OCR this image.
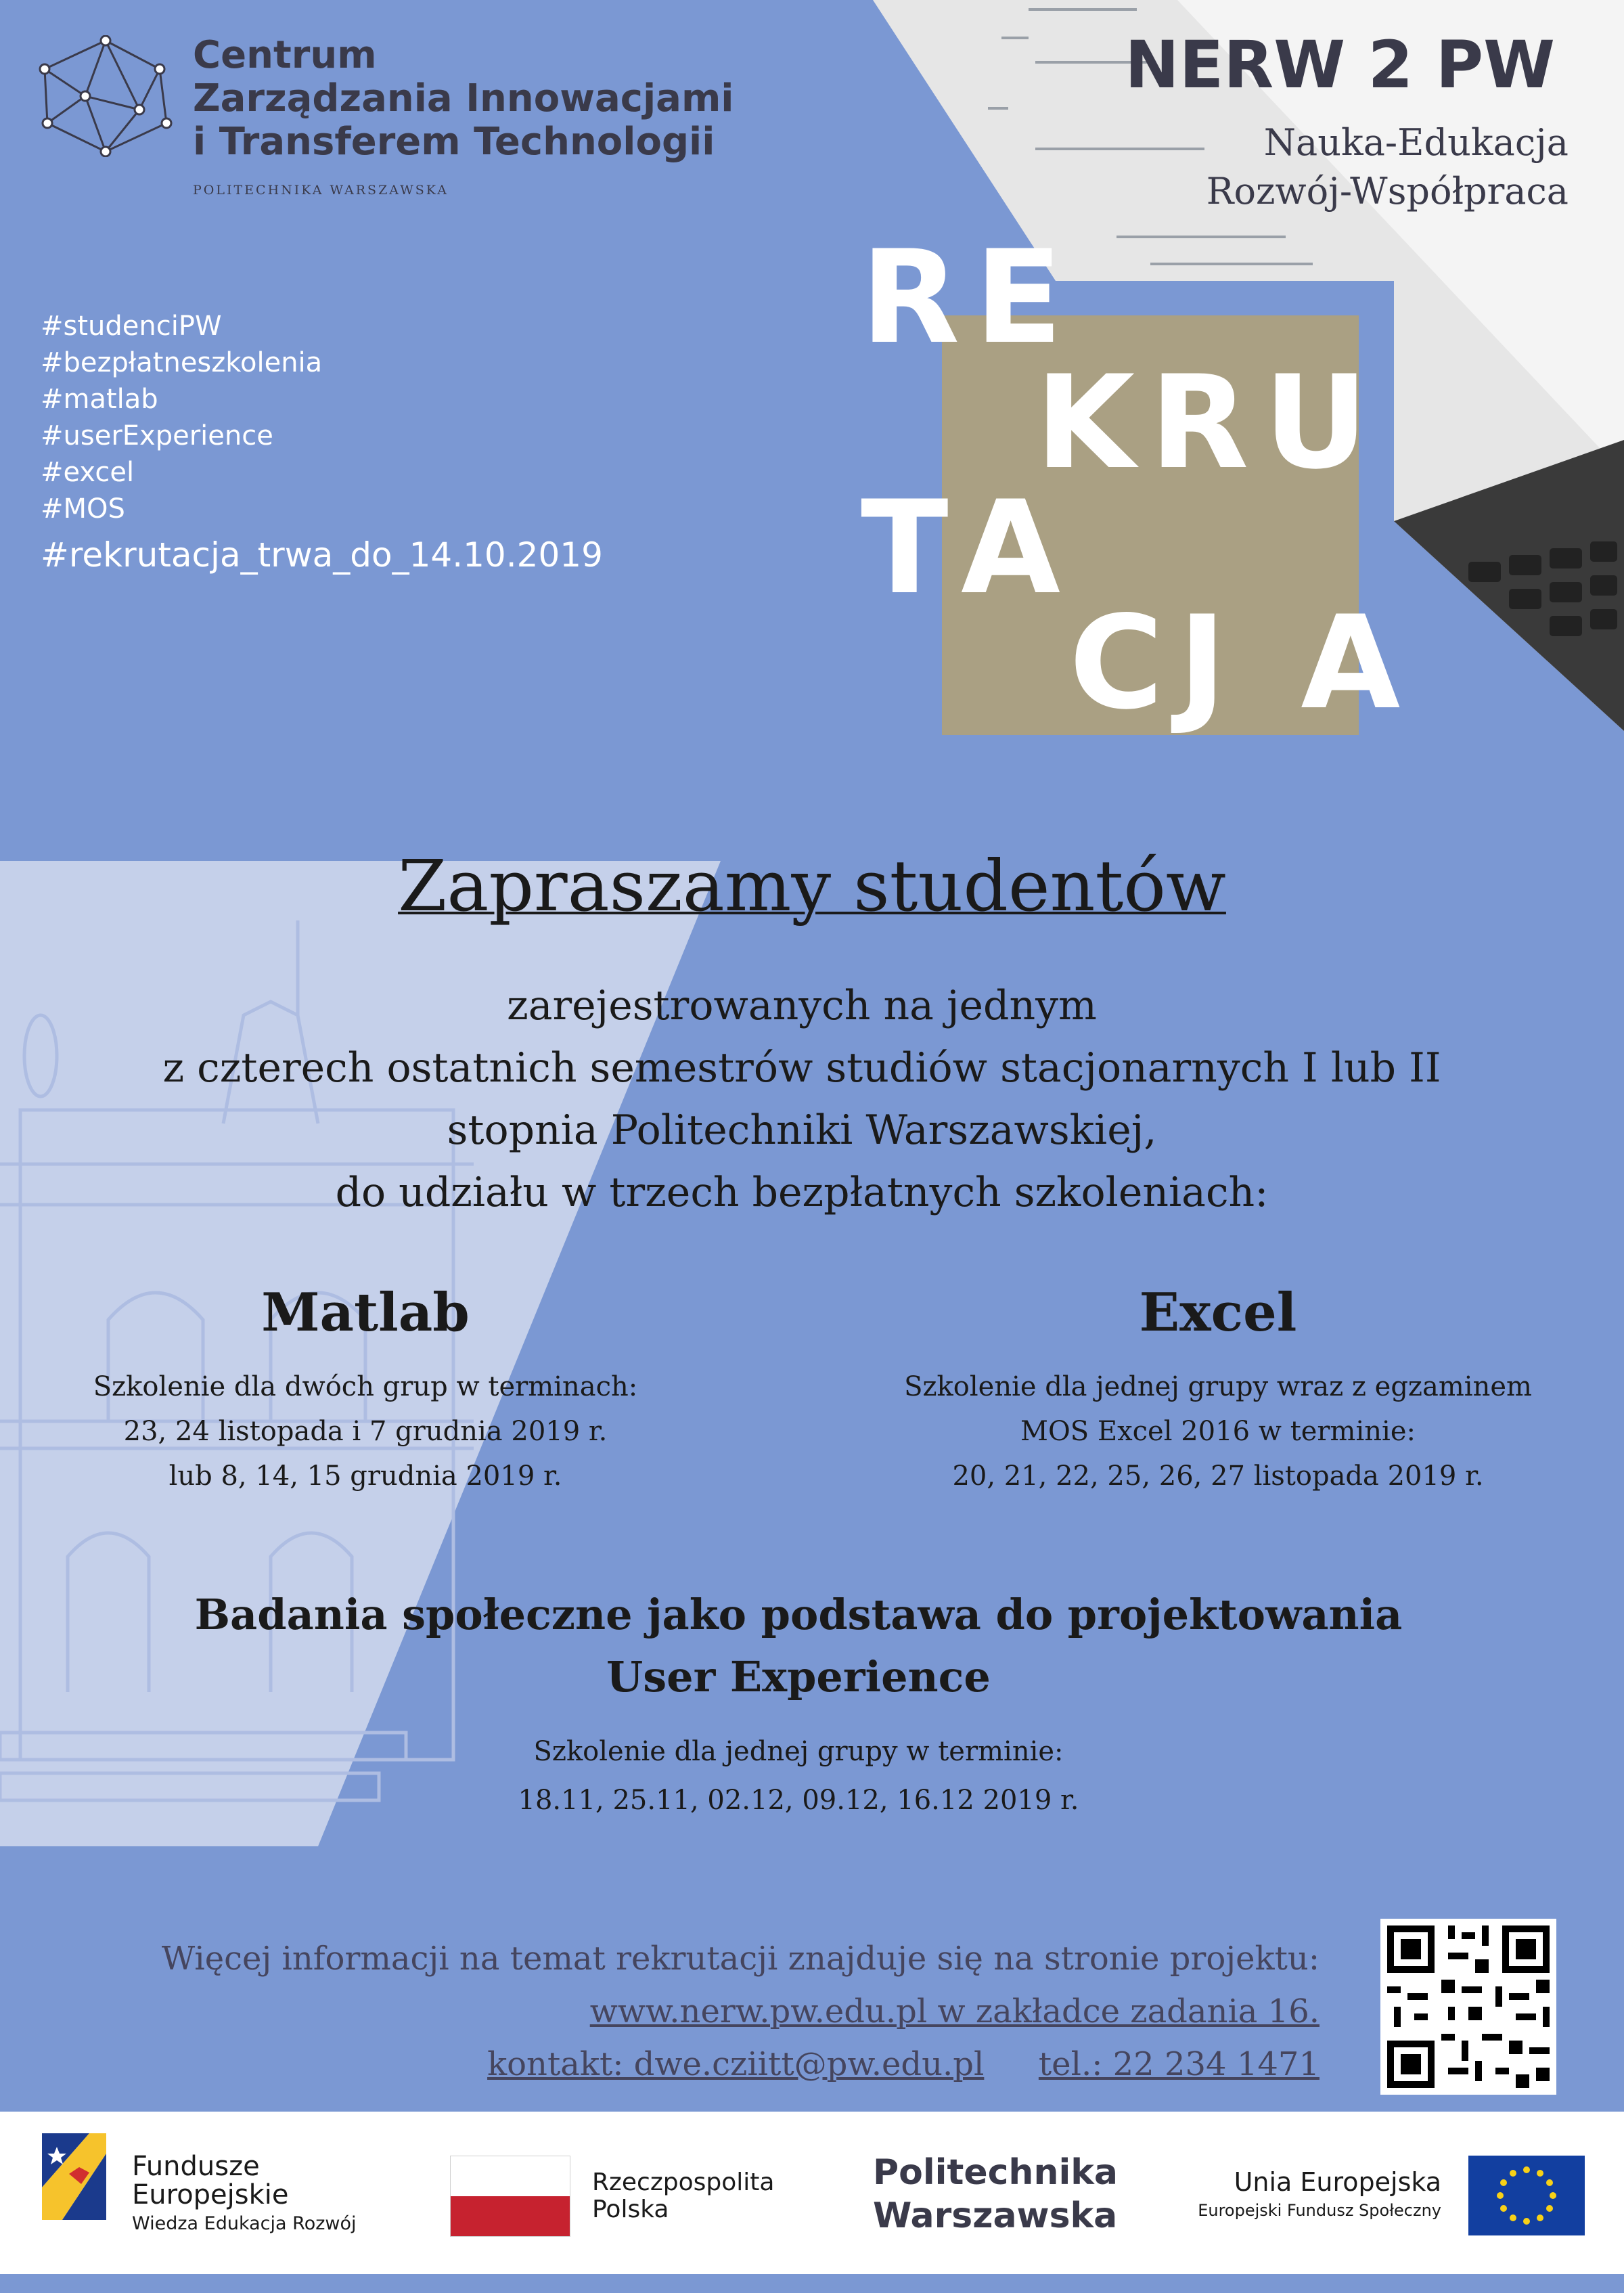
Centrum
Zarządzania Innowacjami
i Transferem Technologii
POLITECHNIKA WARSZAWSKA
NERW 2 PW
Nauka-Edukacja
Rozwój-Współpraca
#studenciPW
#bezpłatneszkolenia
#matlab
#userExperience
#excel
#MOS
#rekrutacja_trwa_do_14.10.2019
RE
KRU
T
A
CJ A
Zapraszamy studentów
zarejestrowanych na jednym
z czterech ostatnich semestrów studiów stacjonarnych I lub II
stopnia Politechniki Warszawskiej,
do udziału w trzech bezpłatnych szkoleniach:
Matlab
Szkolenie dla dwóch grup w terminach:
23, 24 listopada i 7 grudnia 2019 r.
lub 8, 14, 15 grudnia 2019 r.
Excel
Szkolenie dla jednej grupy wraz z egzaminem
MOS Excel 2016 w terminie:
20, 21, 22, 25, 26, 27 listopada 2019 r.
Badania społeczne jako podstawa do projektowania
User Experience
Szkolenie dla jednej grupy w terminie:
18.11, 25.11, 02.12, 09.12, 16.12 2019 r.
Więcej informacji na temat rekrutacji znajduje się na stronie projektu:
www.nerw.pw.edu.pl w zakładce zadania 16.
kontakt: dwe.cziitt@pw.edu.pl tel.: 22 234 1471
Fundusze
Europejskie
Wiedza Edukacja Rozwój
Rzeczpospolita
Polska
Politechnika
Warszawska
Unia Europejska
Europejski Fundusz Społeczny
